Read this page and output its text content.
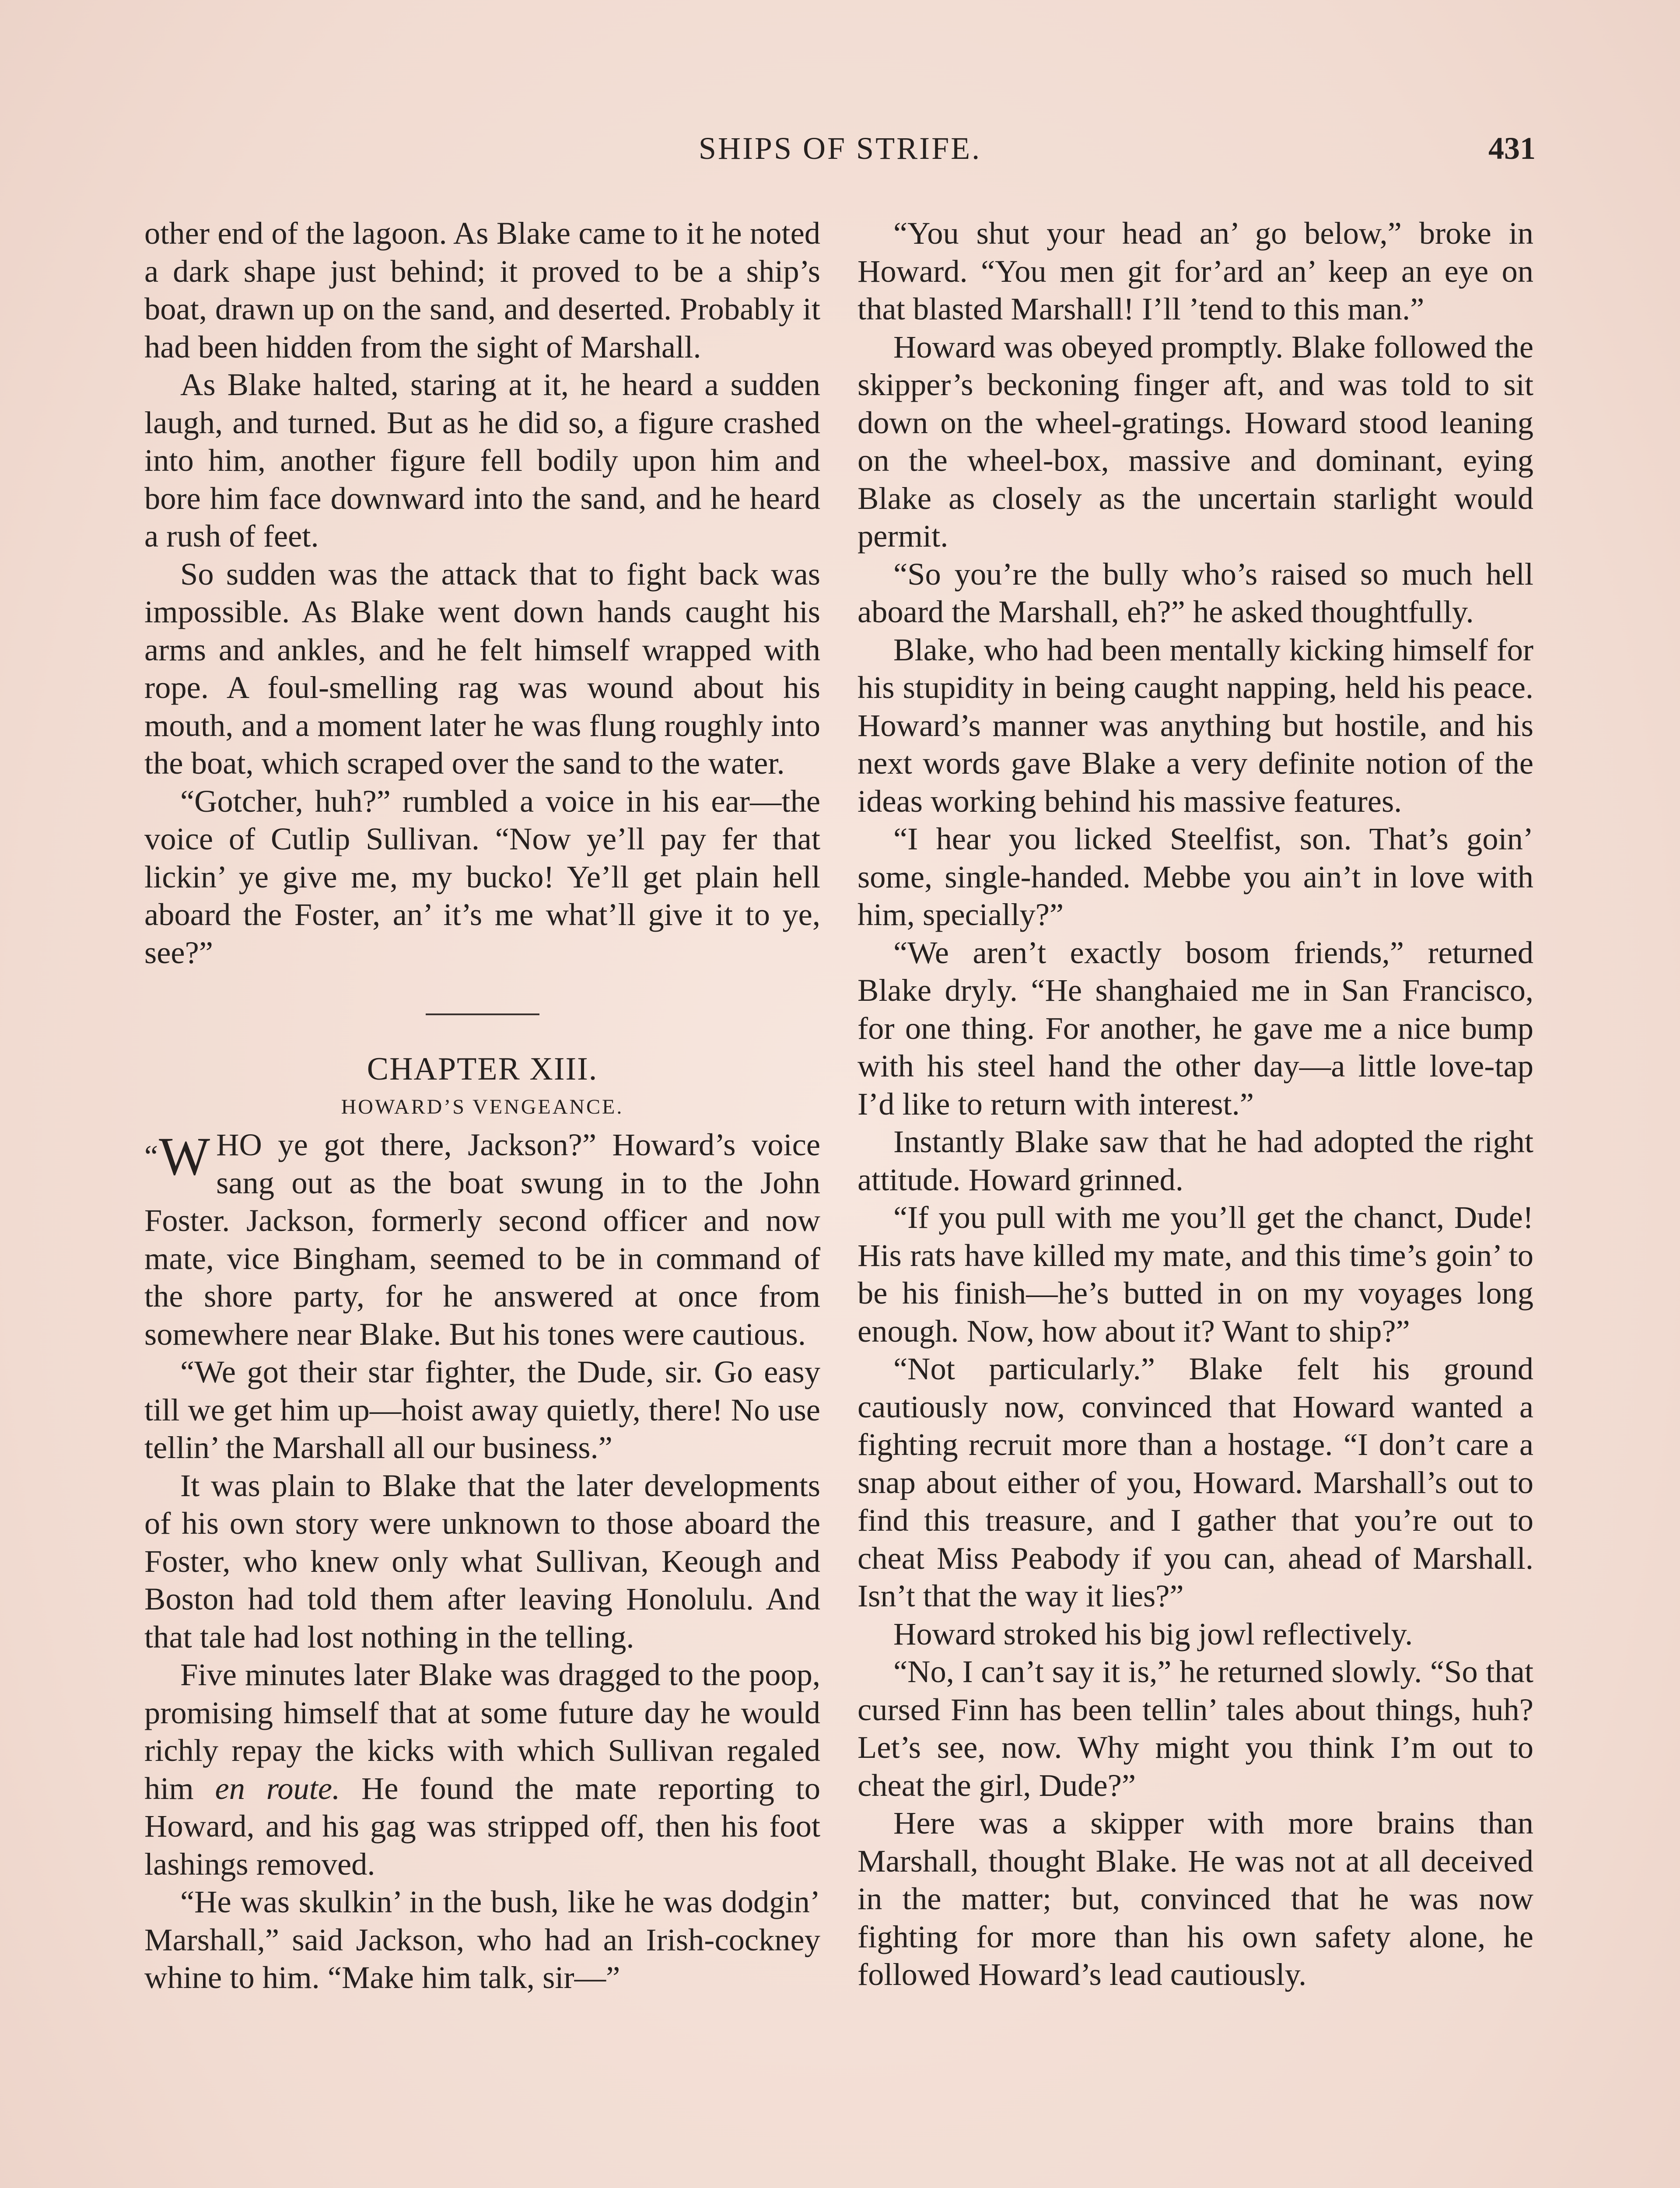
SHIPS OF STRIFE.	431

other end of the lagoon. As Blake came to it he noted a dark shape just behind; it proved to be a ship’s boat, drawn up on the sand, and deserted. Probably it had been hidden from the sight of Marshall.

As Blake halted, staring at it, he heard a sudden laugh, and turned. But as he did so, a figure crashed into him, another figure fell bodily upon him and bore him face downward into the sand, and he heard a rush of feet.

So sudden was the attack that to fight back was impossible. As Blake went down hands caught his arms and ankles, and he felt himself wrapped with rope. A foul-smelling rag was wound about his mouth, and a moment later he was flung roughly into the boat, which scraped over the sand to the water.

“Gotcher, huh?” rumbled a voice in his ear—the voice of Cutlip Sullivan. “Now ye’ll pay fer that lickin’ ye give me, my bucko! Ye’ll get plain hell aboard the Foster, an’ it’s me what’ll give it to ye, see?”

CHAPTER XIII.

HOWARD’S VENGEANCE.

“W HO ye got there, Jackson?” Howard’s voice sang out as the boat swung in to the John Foster. Jackson, formerly second officer and now mate, vice Bingham, seemed to be in command of the shore party, for he answered at once from somewhere near Blake. But his tones were cautious.

“We got their star fighter, the Dude, sir. Go easy till we get him up—hoist away quietly, there! No use tellin’ the Marshall all our business.”

It was plain to Blake that the later developments of his own story were unknown to those aboard the Foster, who knew only what Sullivan, Keough and Boston had told them after leaving Honolulu. And that tale had lost nothing in the telling.

Five minutes later Blake was dragged to the poop, promising himself that at some future day he would richly repay the kicks with which Sullivan regaled him en route. He found the mate reporting to Howard, and his gag was stripped off, then his foot lashings removed.

“He was skulkin’ in the bush, like he was dodgin’ Marshall,” said Jackson, who had an Irish-cockney whine to him. “Make him talk, sir—”

“You shut your head an’ go below,” broke in Howard. “You men git for’ard an’ keep an eye on that blasted Marshall! I’ll ’tend to this man.”

Howard was obeyed promptly. Blake followed the skipper’s beckoning finger aft, and was told to sit down on the wheel-gratings. Howard stood leaning on the wheel-box, massive and dominant, eying Blake as closely as the uncertain starlight would permit.

“So you’re the bully who’s raised so much hell aboard the Marshall, eh?” he asked thoughtfully.

Blake, who had been mentally kicking himself for his stupidity in being caught napping, held his peace. Howard’s manner was anything but hostile, and his next words gave Blake a very definite notion of the ideas working behind his massive features.

“I hear you licked Steelfist, son. That’s goin’ some, single-handed. Mebbe you ain’t in love with him, specially?”

“We aren’t exactly bosom friends,” returned Blake dryly. “He shanghaied me in San Francisco, for one thing. For another, he gave me a nice bump with his steel hand the other day—a little love-tap I’d like to return with interest.”

Instantly Blake saw that he had adopted the right attitude. Howard grinned.

“If you pull with me you’ll get the chanct, Dude! His rats have killed my mate, and this time’s goin’ to be his finish—he’s butted in on my voyages long enough. Now, how about it? Want to ship?”

“Not particularly.” Blake felt his ground cautiously now, convinced that Howard wanted a fighting recruit more than a hostage. “I don’t care a snap about either of you, Howard. Marshall’s out to find this treasure, and I gather that you’re out to cheat Miss Peabody if you can, ahead of Marshall. Isn’t that the way it lies?”

Howard stroked his big jowl reflectively.

“No, I can’t say it is,” he returned slowly. “So that cursed Finn has been tellin’ tales about things, huh? Let’s see, now. Why might you think I’m out to cheat the girl, Dude?”

Here was a skipper with more brains than Marshall, thought Blake. He was not at all deceived in the matter; but, convinced that he was now fighting for more than his own safety alone, he followed Howard’s lead cautiously.
